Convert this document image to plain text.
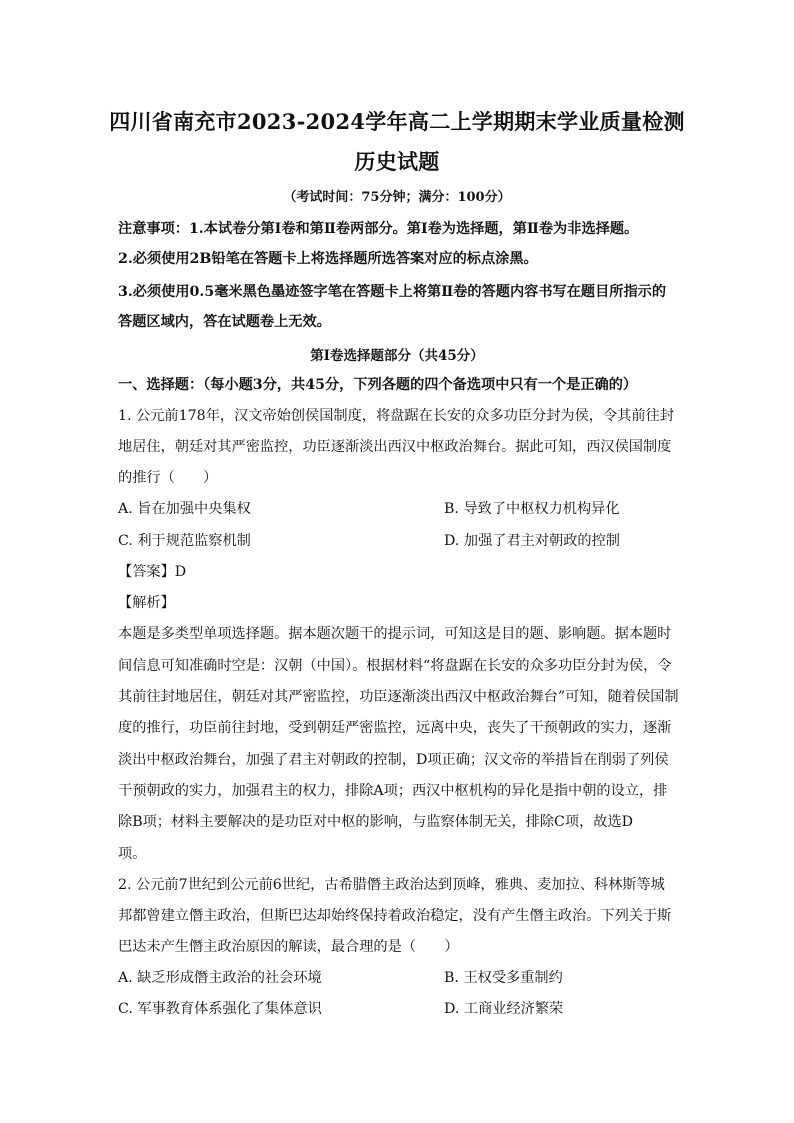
四川省南充市2023-2024学年高二上学期期末学业质量检测
历史试题
（考试时间：75分钟；满分：100分）
注意事项：1.本试卷分第Ⅰ卷和第Ⅱ卷两部分。第Ⅰ卷为选择题，第Ⅱ卷为非选择题。
2.必须使用2B铅笔在答题卡上将选择题所选答案对应的标点涂黑。
3.必须使用0.5毫米黑色墨迹签字笔在答题卡上将第Ⅱ卷的答题内容书写在题目所指示的
答题区域内，答在试题卷上无效。
第Ⅰ卷选择题部分（共45分）
一、选择题：（每小题3分，共45分，下列各题的四个备选项中只有一个是正确的）
1. 公元前178年，汉文帝始创侯国制度，将盘踞在长安的众多功臣分封为侯，令其前往封
地居住，朝廷对其严密监控，功臣逐渐淡出西汉中枢政治舞台。据此可知，西汉侯国制度
的推行（　　）
A. 旨在加强中央集权	B. 导致了中枢权力机构异化
C. 利于规范监察机制	D. 加强了君主对朝政的控制
【答案】D
【解析】
本题是多类型单项选择题。据本题次题干的提示词，可知这是目的题、影响题。据本题时
间信息可知准确时空是：汉朝（中国）。根据材料“将盘踞在长安的众多功臣分封为侯，令
其前往封地居住，朝廷对其严密监控，功臣逐渐淡出西汉中枢政治舞台”可知，随着侯国制
度的推行，功臣前往封地，受到朝廷严密监控，远离中央，丧失了干预朝政的实力，逐渐
淡出中枢政治舞台，加强了君主对朝政的控制，D项正确；汉文帝的举措旨在削弱了列侯
干预朝政的实力，加强君主的权力，排除A项；西汉中枢机构的异化是指中朝的设立，排
除B项；材料主要解决的是功臣对中枢的影响，与监察体制无关，排除C项，故选D
项。
2. 公元前7世纪到公元前6世纪，古希腊僭主政治达到顶峰，雅典、麦加拉、科林斯等城
邦都曾建立僭主政治，但斯巴达却始终保持着政治稳定，没有产生僭主政治。下列关于斯
巴达未产生僭主政治原因的解读，最合理的是（　　）
A. 缺乏形成僭主政治的社会环境	B. 王权受多重制约
C. 军事教育体系强化了集体意识	D. 工商业经济繁荣
